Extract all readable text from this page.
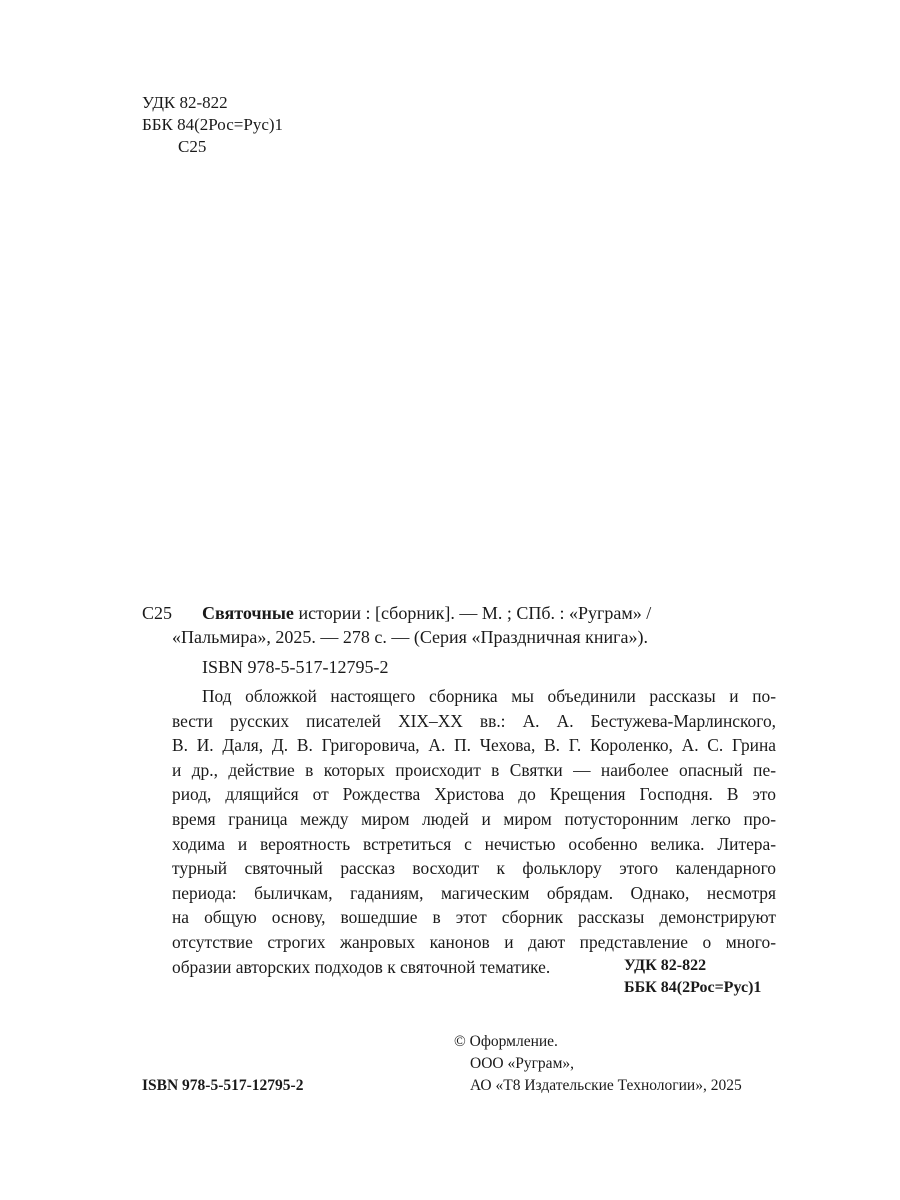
УДК 82-822
ББК 84(2Рос=Рус)1
С25
С25 Святочные истории : [сборник]. — М. ; СПб. : «Руграм» /
«Пальмира», 2025. — 278 с. — (Серия «Праздничная книга»).
ISBN 978-5-517-12795-2
Под обложкой настоящего сборника мы объединили рассказы и по-
вести русских писателей XIX–XX вв.: А. А. Бестужева-Марлинского,
В. И. Даля, Д. В. Григоровича, А. П. Чехова, В. Г. Короленко, А. С. Грина
и др., действие в которых происходит в Святки — наиболее опасный пе-
риод, длящийся от Рождества Христова до Крещения Господня. В это
время граница между миром людей и миром потусторонним легко про-
ходима и вероятность встретиться с нечистью особенно велика. Литера-
турный святочный рассказ восходит к фольклору этого календарного
периода: быличкам, гаданиям, магическим обрядам. Однако, несмотря
на общую основу, вошедшие в этот сборник рассказы демонстрируют
отсутствие строгих жанровых канонов и дают представление о много-
образии авторских подходов к святочной тематике.	УДК 82-822
ББК 84(2Рос=Рус)1
© Оформление.
ООО «Руграм»,
АО «Т8 Издательские Технологии», 2025
ISBN 978-5-517-12795-2
